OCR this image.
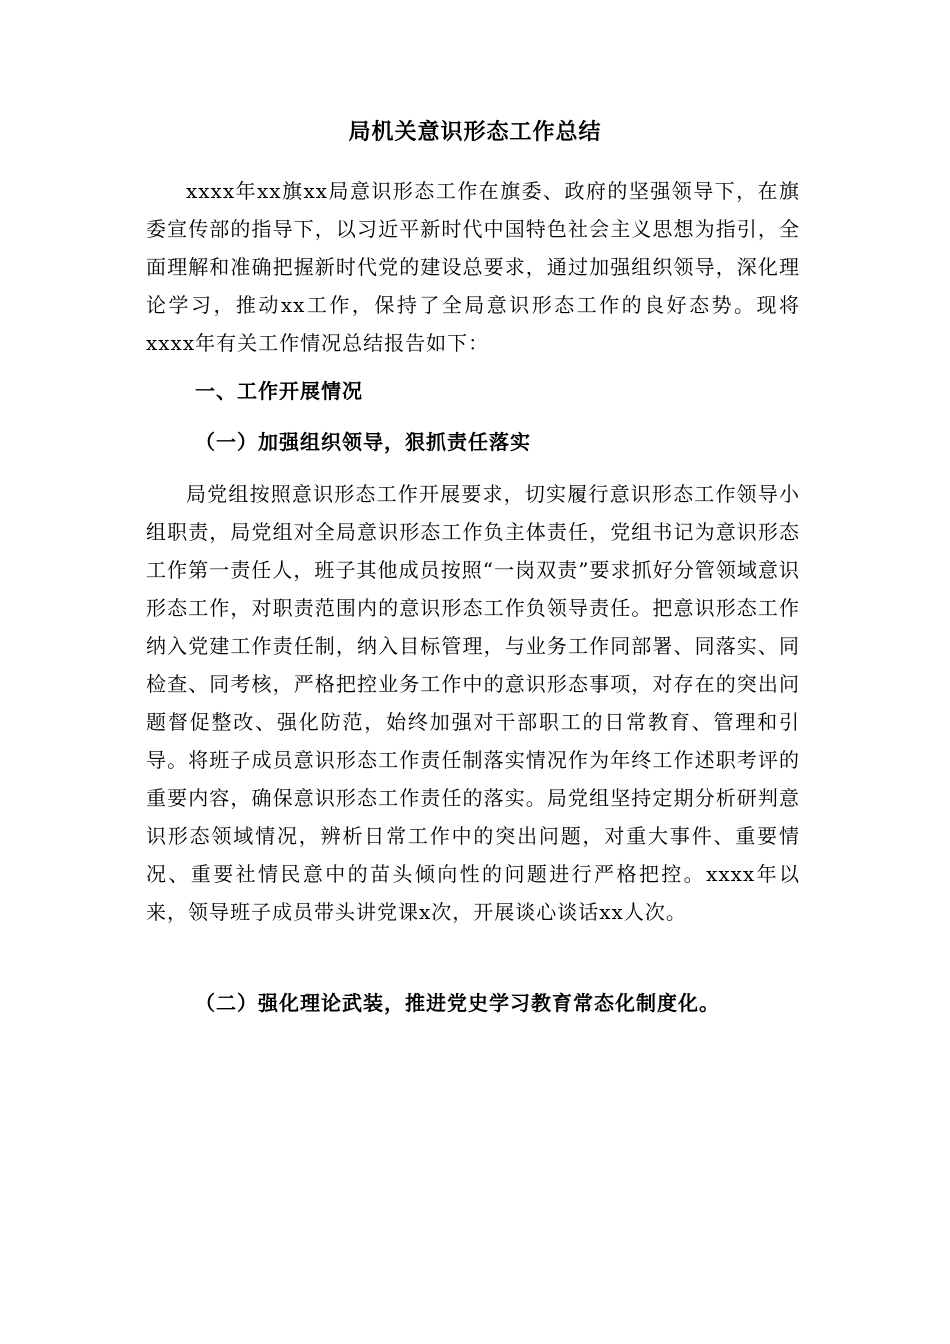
局机关意识形态工作总结
xxxx年xx旗xx局意识形态工作在旗委、政府的坚强领导下，在旗委宣传部的指导下，以习近平新时代中国特色社会主义思想为指引，全面理解和准确把握新时代党的建设总要求，通过加强组织领导，深化理论学习，推动xx工作，保持了全局意识形态工作的良好态势。现将xxxx年有关工作情况总结报告如下：
一、工作开展情况
（一）加强组织领导，狠抓责任落实
局党组按照意识形态工作开展要求，切实履行意识形态工作领导小组职责，局党组对全局意识形态工作负主体责任，党组书记为意识形态工作第一责任人，班子其他成员按照“一岗双责”要求抓好分管领域意识形态工作，对职责范围内的意识形态工作负领导责任。把意识形态工作纳入党建工作责任制，纳入目标管理，与业务工作同部署、同落实、同检查、同考核，严格把控业务工作中的意识形态事项，对存在的突出问题督促整改、强化防范，始终加强对干部职工的日常教育、管理和引导。将班子成员意识形态工作责任制落实情况作为年终工作述职考评的重要内容，确保意识形态工作责任的落实。局党组坚持定期分析研判意识形态领域情况，辨析日常工作中的突出问题，对重大事件、重要情况、重要社情民意中的苗头倾向性的问题进行严格把控。xxxx年以来，领导班子成员带头讲党课x次，开展谈心谈话xx人次。
（二）强化理论武装，推进党史学习教育常态化制度化。
